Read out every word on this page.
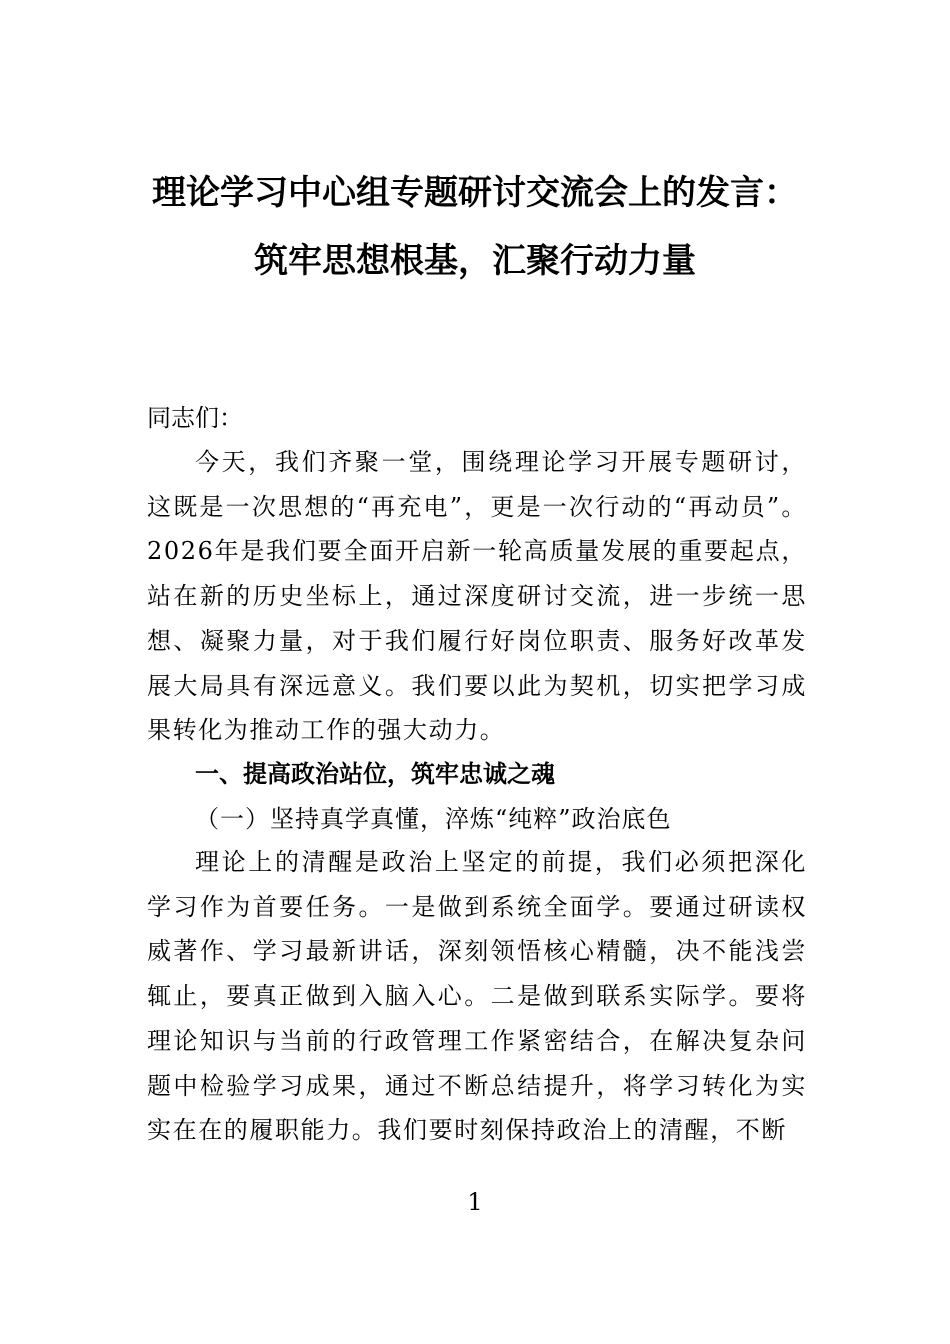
理论学习中心组专题研讨交流会上的发言：
筑牢思想根基，汇聚行动力量
同志们：

今天，我们齐聚一堂，围绕理论学习开展专题研讨，这既是一次思想的“再充电”，更是一次行动的“再动员”。2026年是我们要全面开启新一轮高质量发展的重要起点，站在新的历史坐标上，通过深度研讨交流，进一步统一思想、凝聚力量，对于我们履行好岗位职责、服务好改革发展大局具有深远意义。我们要以此为契机，切实把学习成果转化为推动工作的强大动力。

一、提高政治站位，筑牢忠诚之魂
（一）坚持真学真懂，淬炼“纯粹”政治底色

理论上的清醒是政治上坚定的前提，我们必须把深化学习作为首要任务。一是做到系统全面学。要通过研读权威著作、学习最新讲话，深刻领悟核心精髓，决不能浅尝辄止，要真正做到入脑入心。二是做到联系实际学。要将理论知识与当前的行政管理工作紧密结合，在解决复杂问题中检验学习成果，通过不断总结提升，将学习转化为实实在在的履职能力。我们要时刻保持政治上的清醒，不断

1
